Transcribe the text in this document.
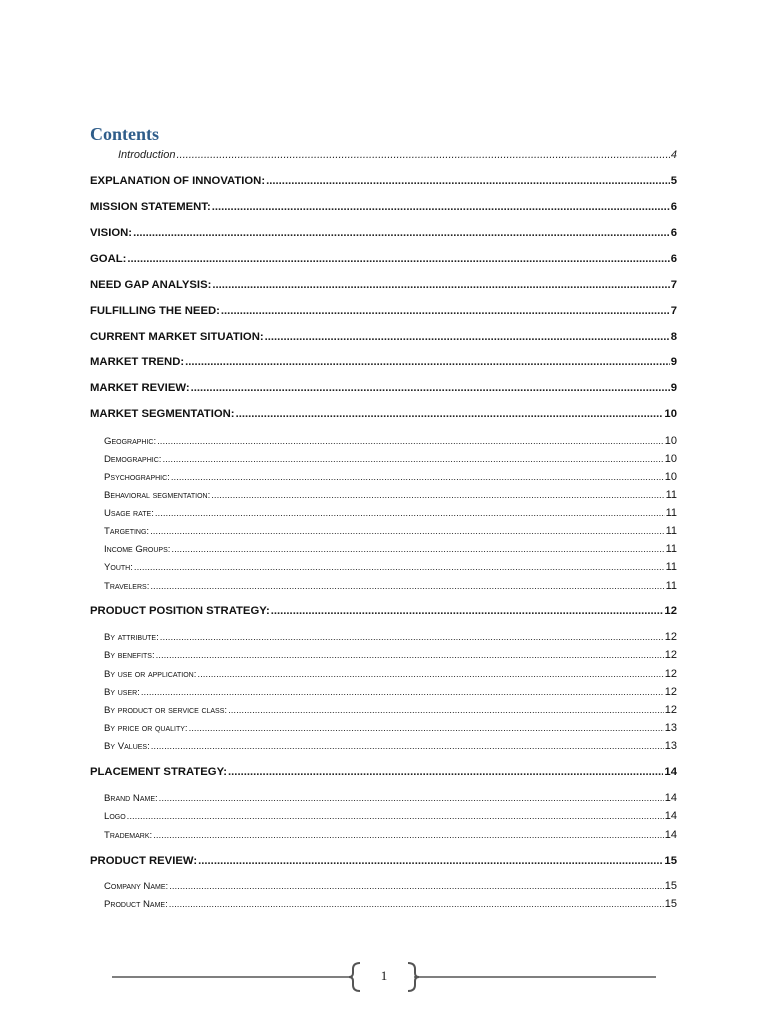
Contents
Introduction .....	4
EXPLANATION OF INNOVATION: .....	5
MISSION STATEMENT: .....	6
VISION: .....	6
GOAL: .....	6
NEED GAP ANALYSIS: .....	7
FULFILLING THE NEED: .....	7
CURRENT MARKET SITUATION: .....	8
MARKET TREND: .....	9
MARKET REVIEW: .....	9
MARKET SEGMENTATION: .....	10
Geographic: .....	10
Demographic: .....	10
Psychographic: .....	10
Behavioral segmentation: .....	11
Usage rate: .....	11
Targeting: .....	11
Income Groups: .....	11
Youth: .....	11
Travelers: .....	11
PRODUCT POSITION STRATEGY: .....	12
By attribute: .....	12
By benefits: .....	12
By use or application: .....	12
By user: .....	12
By product or service class: .....	12
By price or quality: .....	13
By Values: .....	13
PLACEMENT STRATEGY: .....	14
Brand Name: .....	14
Logo .....	14
Trademark: .....	14
PRODUCT REVIEW: .....	15
Company Name: .....	15
Product Name: .....	15
1
